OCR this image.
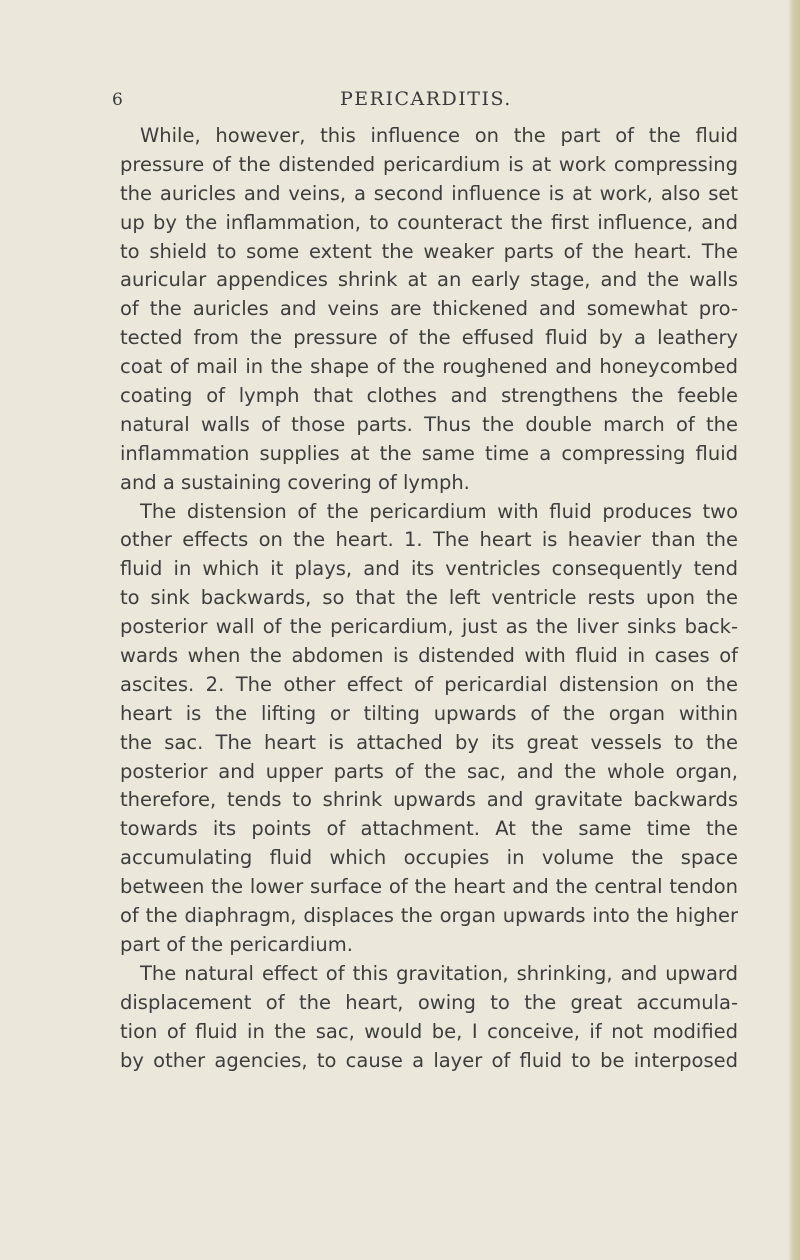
6	PERICARDITIS.
While, however, this influence on the part of the fluid
pressure of the distended pericardium is at work compressing
the auricles and veins, a second influence is at work, also set
up by the inflammation, to counteract the first influence, and
to shield to some extent the weaker parts of the heart. The
auricular appendices shrink at an early stage, and the walls
of the auricles and veins are thickened and somewhat pro-
tected from the pressure of the effused fluid by a leathery
coat of mail in the shape of the roughened and honeycombed
coating of lymph that clothes and strengthens the feeble
natural walls of those parts. Thus the double march of the
inflammation supplies at the same time a compressing fluid
and a sustaining covering of lymph.
The distension of the pericardium with fluid produces two
other effects on the heart. 1. The heart is heavier than the
fluid in which it plays, and its ventricles consequently tend
to sink backwards, so that the left ventricle rests upon the
posterior wall of the pericardium, just as the liver sinks back-
wards when the abdomen is distended with fluid in cases of
ascites. 2. The other effect of pericardial distension on the
heart is the lifting or tilting upwards of the organ within
the sac. The heart is attached by its great vessels to the
posterior and upper parts of the sac, and the whole organ,
therefore, tends to shrink upwards and gravitate backwards
towards its points of attachment. At the same time the
accumulating fluid which occupies in volume the space
between the lower surface of the heart and the central tendon
of the diaphragm, displaces the organ upwards into the higher
part of the pericardium.
The natural effect of this gravitation, shrinking, and upward
displacement of the heart, owing to the great accumula-
tion of fluid in the sac, would be, I conceive, if not modified
by other agencies, to cause a layer of fluid to be interposed
